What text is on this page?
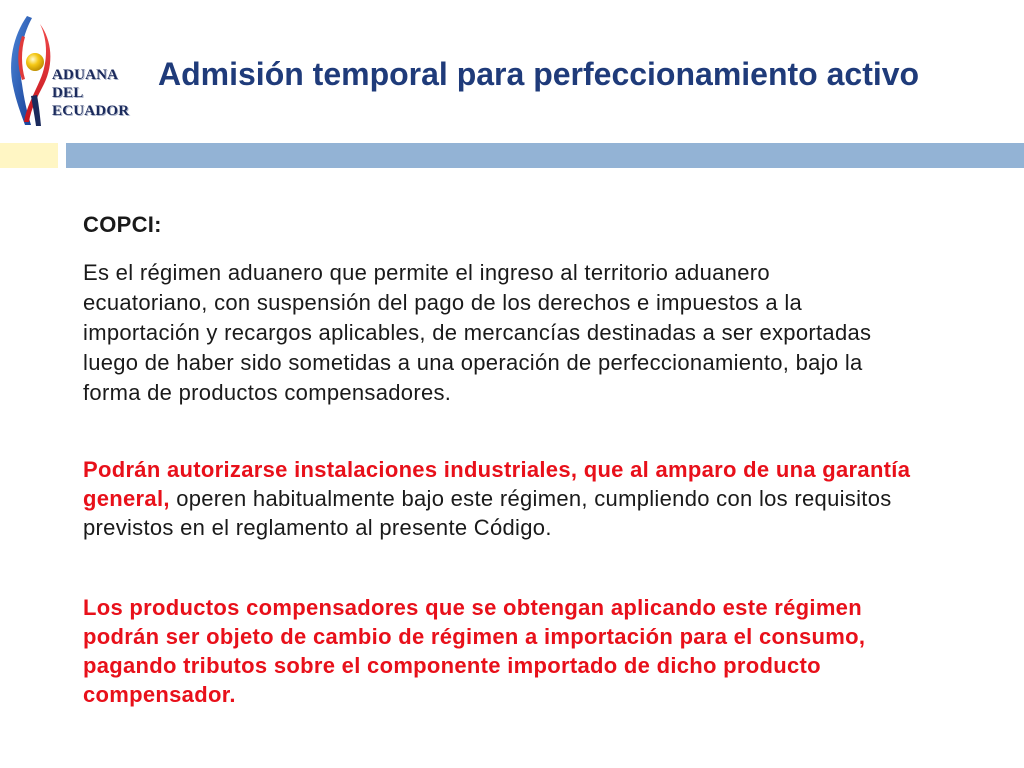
ADUANA
DEL
ECUADOR
Admisión temporal para perfeccionamiento activo
COPCI:
Es el régimen aduanero que permite el ingreso al territorio aduanero
ecuatoriano, con suspensión del pago de los derechos e impuestos a la
importación y recargos aplicables, de mercancías destinadas a ser exportadas
luego de haber sido sometidas a una operación de perfeccionamiento, bajo la
forma de productos compensadores.
Podrán autorizarse instalaciones industriales, que al amparo de una garantía
general, operen habitualmente bajo este régimen, cumpliendo con los requisitos
previstos en el reglamento al presente Código.
Los productos compensadores que se obtengan aplicando este régimen
podrán ser objeto de cambio de régimen a importación para el consumo,
pagando tributos sobre el componente importado de dicho producto
compensador.
